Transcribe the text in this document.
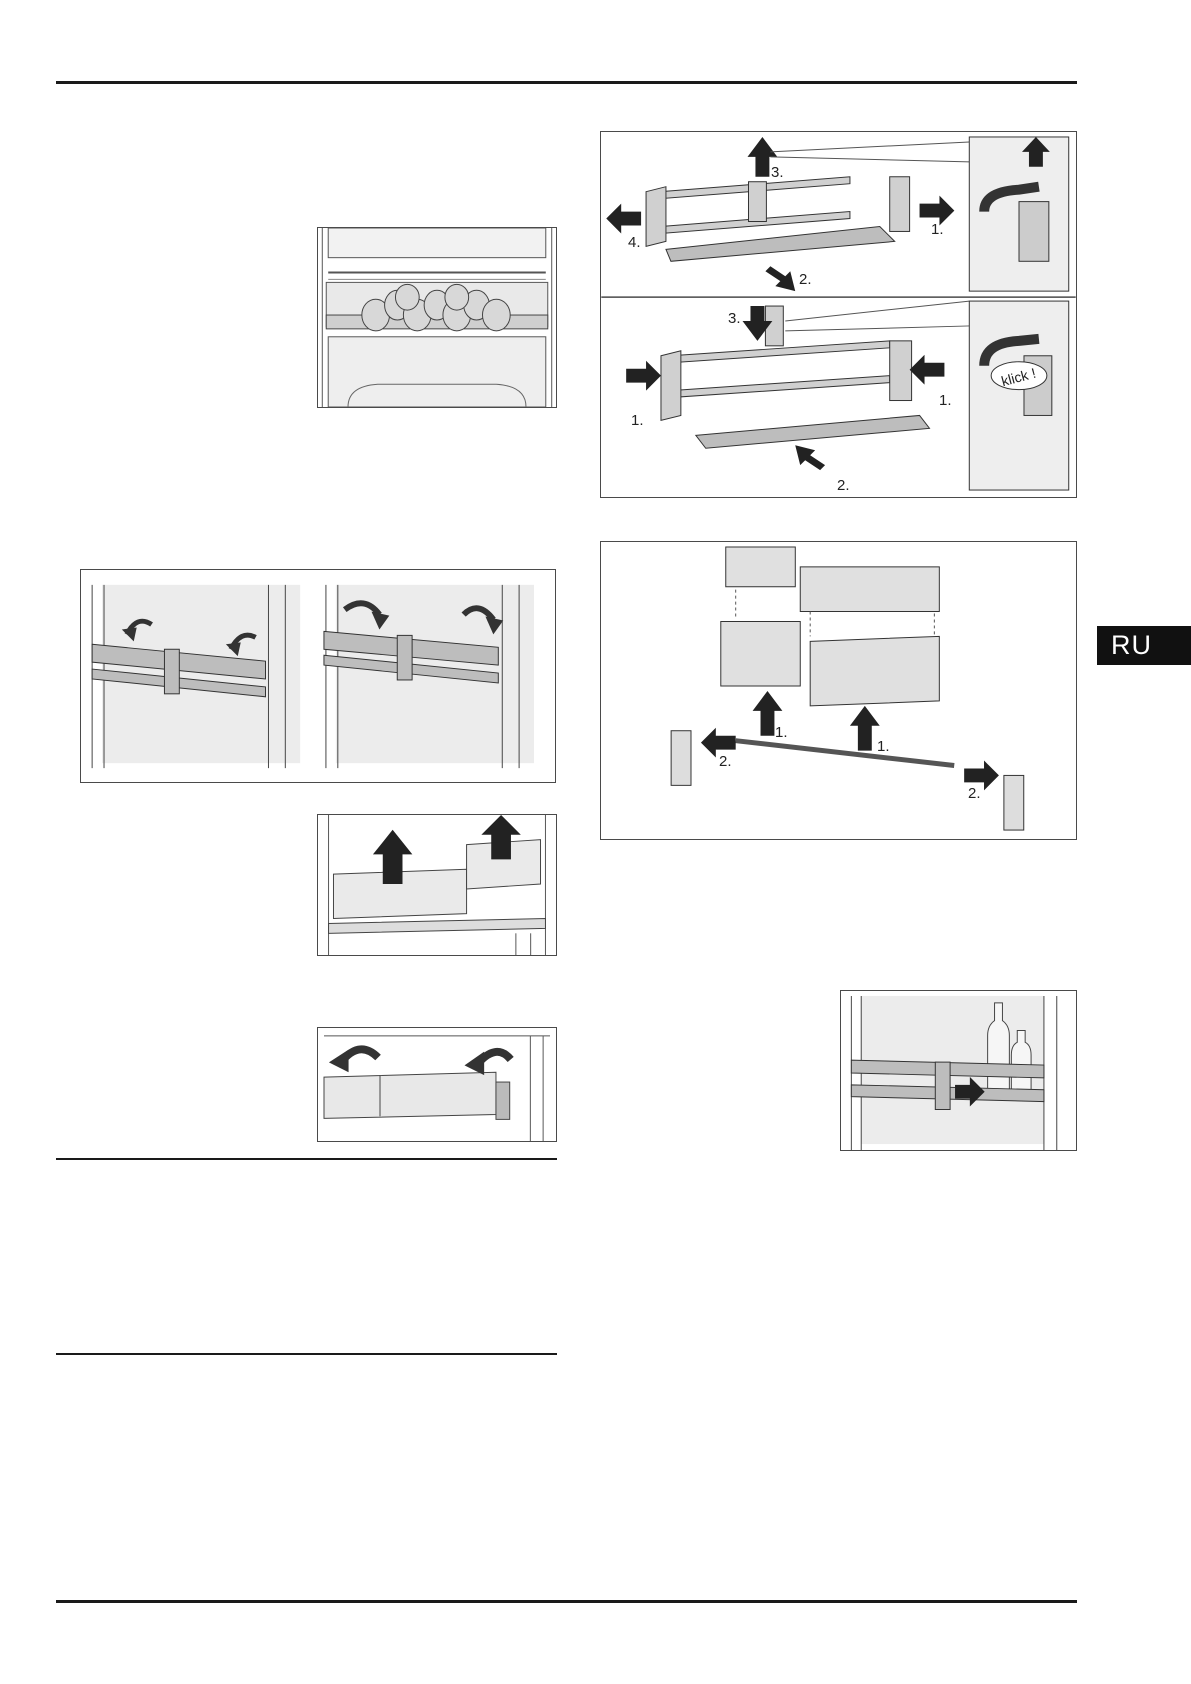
3.
4.
1.
2.
3.
1.
1.
2.
klick !
1.
1.
2.
2.
RU
